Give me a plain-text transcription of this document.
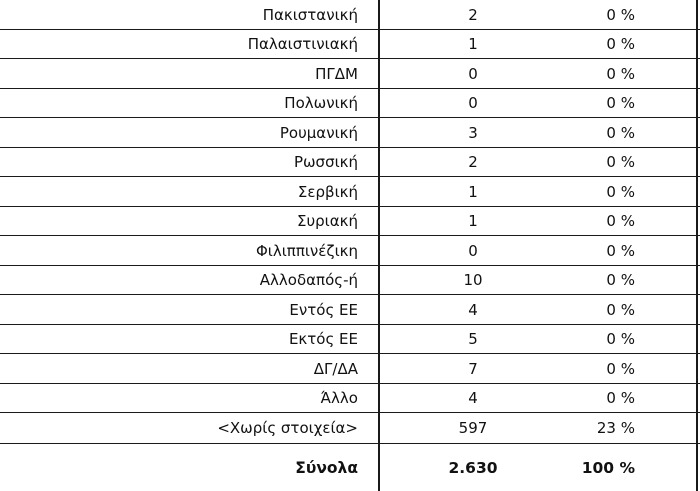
Πακιστανική	2	0 %
Παλαιστινιακή	1	0 %
ΠΓΔΜ	0	0 %
Πολωνική	0	0 %
Ρουμανική	3	0 %
Ρωσσική	2	0 %
Σερβική	1	0 %
Συριακή	1	0 %
Φιλιππινέζικη	0	0 %
Αλλοδαπός-ή	10	0 %
Εντός ΕΕ	4	0 %
Εκτός ΕΕ	5	0 %
ΔΓ/ΔΑ	7	0 %
Άλλο	4	0 %
<Χωρίς στοιχεία>	597	23 %
Σύνολα	2.630	100 %
